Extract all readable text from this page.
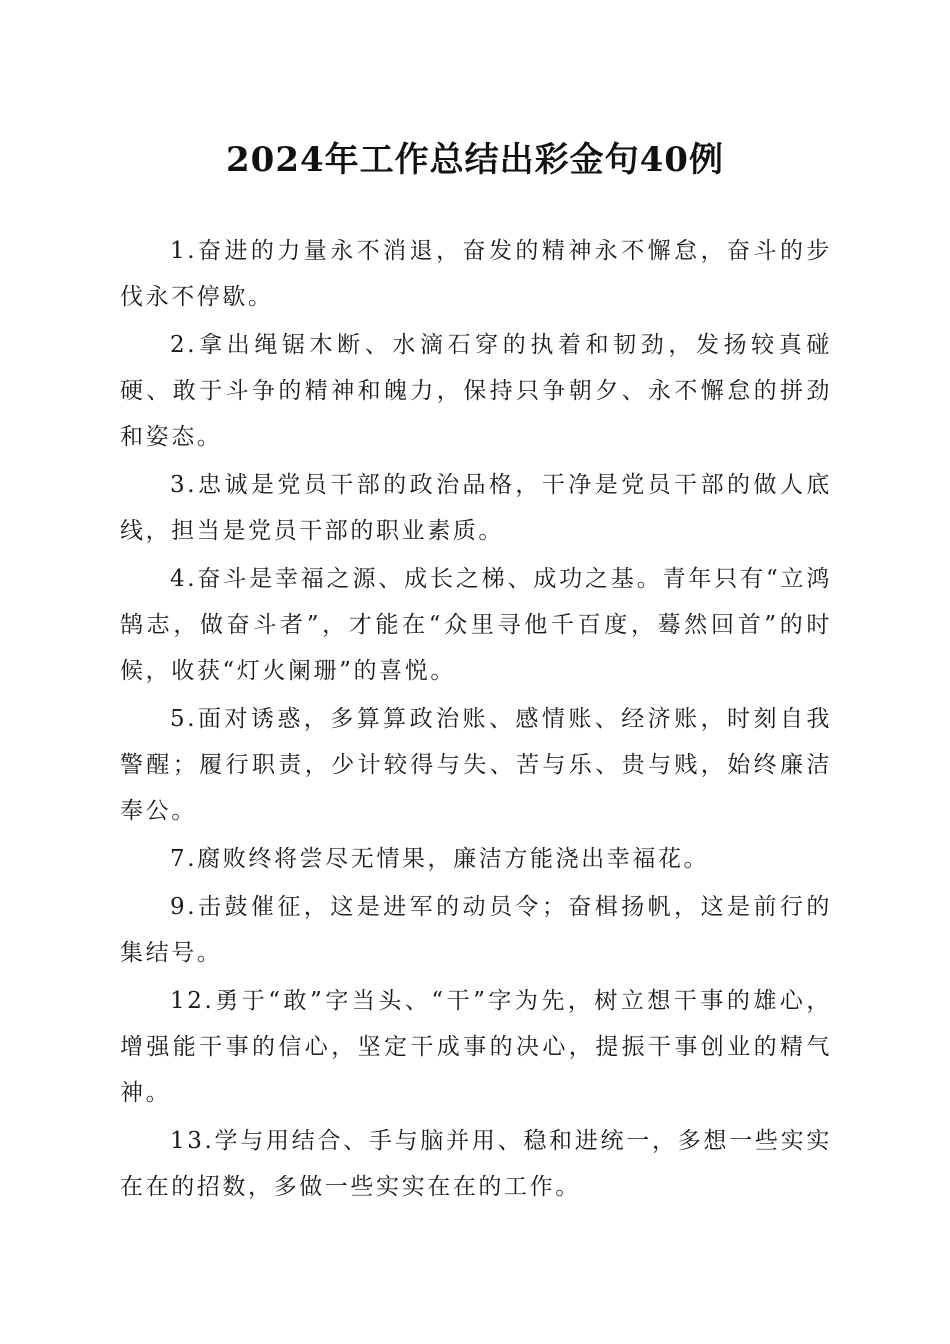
2024年工作总结出彩金句40例

1.奋进的力量永不消退，奋发的精神永不懈怠，奋斗的步伐永不停歇。

2.拿出绳锯木断、水滴石穿的执着和韧劲，发扬较真碰硬、敢于斗争的精神和魄力，保持只争朝夕、永不懈怠的拼劲和姿态。

3.忠诚是党员干部的政治品格，干净是党员干部的做人底线，担当是党员干部的职业素质。

4.奋斗是幸福之源、成长之梯、成功之基。青年只有“立鸿鹄志，做奋斗者”，才能在“众里寻他千百度，蓦然回首”的时候，收获“灯火阑珊”的喜悦。

5.面对诱惑，多算算政治账、感情账、经济账，时刻自我警醒；履行职责，少计较得与失、苦与乐、贵与贱，始终廉洁奉公。

7.腐败终将尝尽无情果，廉洁方能浇出幸福花。

9.击鼓催征，这是进军的动员令；奋楫扬帆，这是前行的集结号。

12.勇于“敢”字当头、“干”字为先，树立想干事的雄心，增强能干事的信心，坚定干成事的决心，提振干事创业的精气神。

13.学与用结合、手与脑并用、稳和进统一，多想一些实实在在的招数，多做一些实实在在的工作。
